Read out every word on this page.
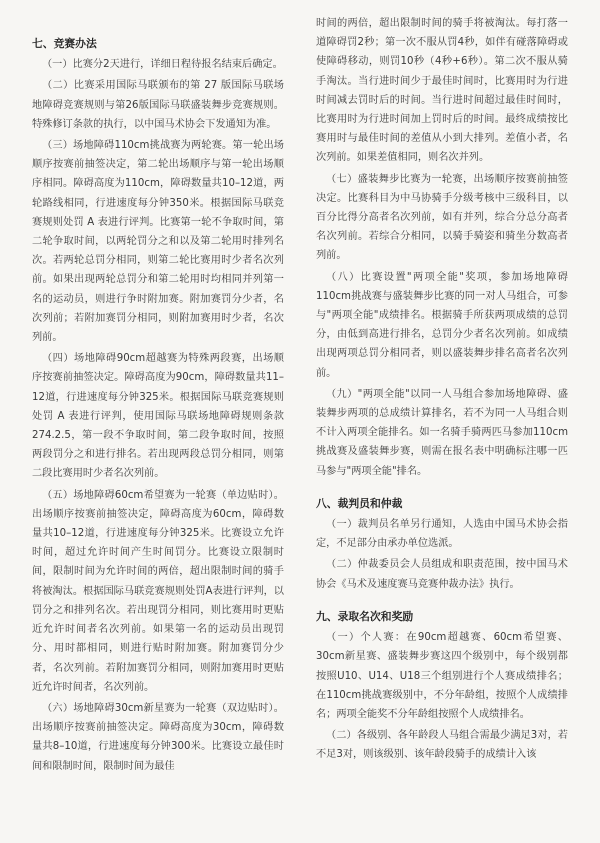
七、竞赛办法

（一）比赛分2天进行，详细日程待报名结束后确定。

（二）比赛采用国际马联颁布的第 27 版国际马联场地障碍竞赛规则与第26版国际马联盛装舞步竞赛规则。特殊修订条款的执行，以中国马术协会下发通知为准。

（三）场地障碍110cm挑战赛为两轮赛。第一轮出场顺序按赛前抽签决定，第二轮出场顺序与第一轮出场顺序相同。障碍高度为110cm，障碍数量共10–12道，两轮路线相同，行进速度每分钟350米。根据国际马联竞赛规则处罚 A 表进行评判。比赛第一轮不争取时间，第二轮争取时间，以两轮罚分之和以及第二轮用时排列名次。若两轮总罚分相同，则第二轮比赛用时少者名次列前。如果出现两轮总罚分和第二轮用时均相同并列第一名的运动员，则进行争时附加赛。附加赛罚分少者，名次列前；若附加赛罚分相同，则附加赛用时少者，名次列前。

（四）场地障碍90cm超越赛为特殊两段赛，出场顺序按赛前抽签决定。障碍高度为90cm，障碍数量共11–12道，行进速度每分钟325米。根据国际马联竞赛规则处罚 A 表进行评判，使用国际马联场地障碍规则条款274.2.5，第一段不争取时间，第二段争取时间，按照两段罚分之和进行排名。若出现两段总罚分相同，则第二段比赛用时少者名次列前。

（五）场地障碍60cm希望赛为一轮赛（单边贴时）。出场顺序按赛前抽签决定，障碍高度为60cm，障碍数量共10–12道，行进速度每分钟325米。比赛设立允许时间，超过允许时间产生时间罚分。比赛设立限制时间，限制时间为允许时间的两倍，超出限制时间的骑手将被淘汰。根据国际马联竞赛规则处罚A表进行评判，以罚分之和排列名次。若出现罚分相同，则比赛用时更贴近允许时间者名次列前。如果第一名的运动员出现罚分、用时都相同，则进行贴时附加赛。附加赛罚分少者，名次列前。若附加赛罚分相同，则附加赛用时更贴近允许时间者，名次列前。

（六）场地障碍30cm新星赛为一轮赛（双边贴时）。出场顺序按赛前抽签决定。障碍高度为30cm，障碍数量共8–10道，行进速度每分钟300米。比赛设立最佳时间和限制时间，限制时间为最佳

时间的两倍，超出限制时间的骑手将被淘汰。每打落一道障碍罚2秒；第一次不服从罚4秒，如伴有碰落障碍或使障碍移动，则罚10秒（4秒+6秒）。第二次不服从骑手淘汰。当行进时间少于最佳时间时，比赛用时为行进时间减去罚时后的时间。当行进时间超过最佳时间时，比赛用时为行进时间加上罚时后的时间。最终成绩按比赛用时与最佳时间的差值从小到大排列。差值小者，名次列前。如果差值相同，则名次并列。

（七）盛装舞步比赛为一轮赛，出场顺序按赛前抽签决定。比赛科目为中马协骑手分级考核中三级科目，以百分比得分高者名次列前，如有并列，综合分总分高者名次列前。若综合分相同，以骑手骑姿和骑坐分数高者列前。

（八）比赛设置"两项全能"奖项，参加场地障碍110cm挑战赛与盛装舞步比赛的同一对人马组合，可参与"两项全能"成绩排名。根据骑手所获两项成绩的总罚分，由低到高进行排名，总罚分少者名次列前。如成绩出现两项总罚分相同者，则以盛装舞步排名高者名次列前。

（九）"两项全能"以同一人马组合参加场地障碍、盛装舞步两项的总成绩计算排名，若不为同一人马组合则不计入两项全能排名。如一名骑手骑两匹马参加110cm挑战赛及盛装舞步赛，则需在报名表中明确标注哪一匹马参与"两项全能"排名。

八、裁判员和仲裁

（一）裁判员名单另行通知，人选由中国马术协会指定，不足部分由承办单位选派。

（二）仲裁委员会人员组成和职责范围，按中国马术协会《马术及速度赛马竞赛仲裁办法》执行。

九、录取名次和奖励

（一）个人赛：在90cm超越赛、60cm希望赛、30cm新星赛、盛装舞步赛这四个级别中，每个级别都按照U10、U14、U18三个组别进行个人赛成绩排名；在110cm挑战赛级别中，不分年龄组，按照个人成绩排名；两项全能奖不分年龄组按照个人成绩排名。

（二）各级别、各年龄段人马组合需最少满足3对，若不足3对，则该级别、该年龄段骑手的成绩计入该
